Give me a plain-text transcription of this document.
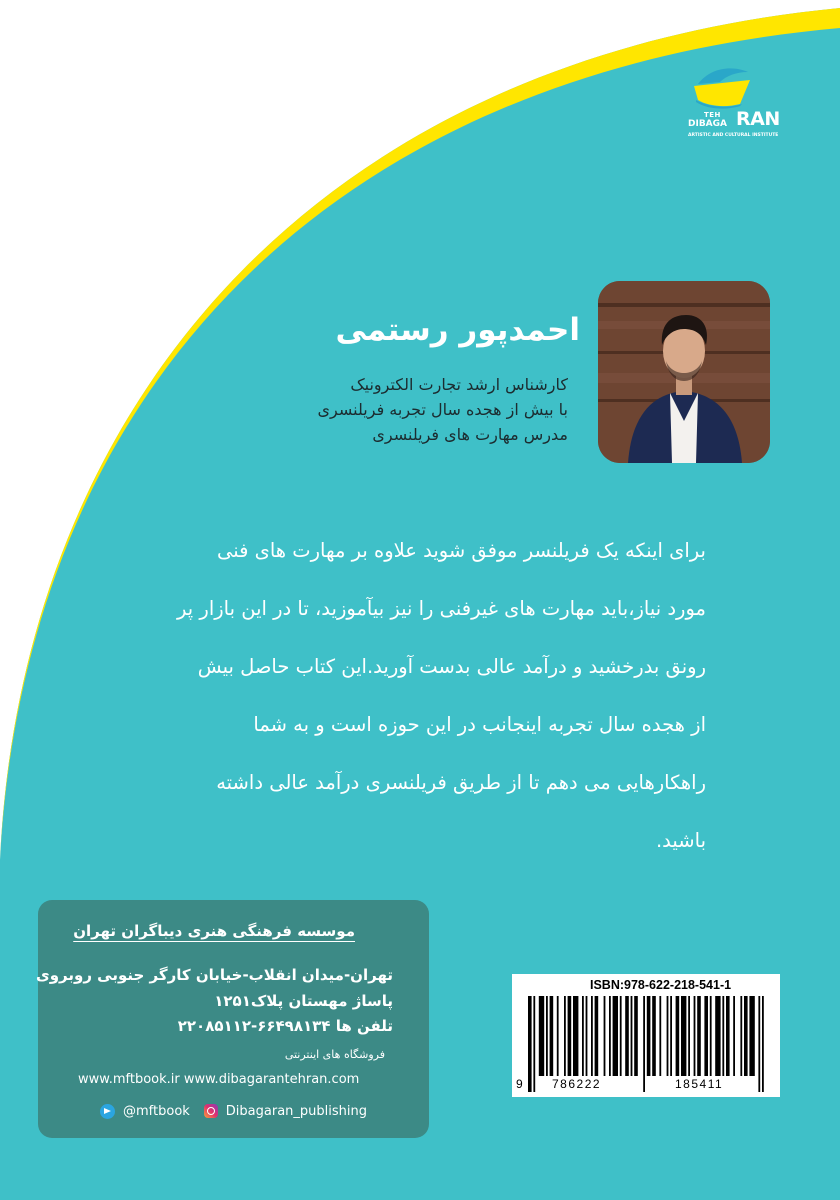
TEH
DIBAGA RAN
ARTISTIC AND CULTURAL INSTITUTE
احمدپور رستمی
کارشناس ارشد تجارت الکترونیک
با بیش از هجده سال تجربه فریلنسری
مدرس مهارت های فریلنسری
برای اینکه یک فریلنسر موفق شوید علاوه بر مهارت های فنی
مورد نیاز،باید مهارت های غیرفنی را نیز بیآموزید، تا در این بازار پر
رونق بدرخشید و درآمد عالی بدست آورید.این کتاب حاصل بیش
از هجده سال تجربه اینجانب در این حوزه است و به شما
راهکارهایی می دهم تا از طریق فریلنسری درآمد عالی داشته
باشید.
موسسه فرهنگی هنری دیباگران تهران
تهران-میدان انقلاب-خیابان کارگر جنوبی روبروی
پاساژ مهستان پلاک۱۲۵۱
تلفن ها ۶۶۴۹۸۱۳۴-۲۲۰۸۵۱۱۲
فروشگاه های اینترنتی
www.mftbook.ir www.dibagarantehran.com
@mftbook	Dibagaran_publishing
ISBN:978-622-218-541-1
9 786222	185411
